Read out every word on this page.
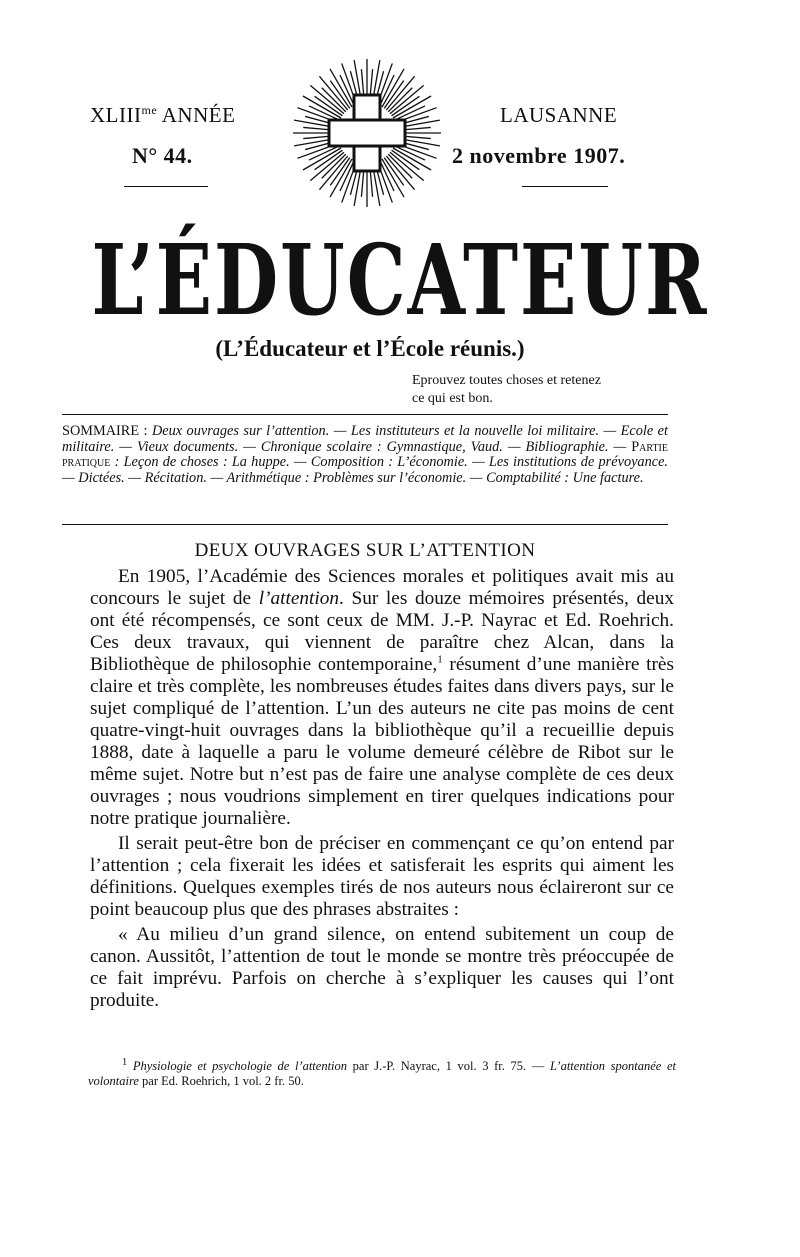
$XLIII^{me}$ ANNÉE
N° 44.
LAUSANNE
2 novembre 1907.
L’ÉDUCATEUR
(L’Éducateur et l’École réunis.)
Eprouvez toutes choses et retenez
ce qui est bon.
SOMMAIRE : Deux ouvrages sur l’attention. — Les instituteurs et la nouvelle loi militaire. — Ecole et militaire. — Vieux documents. — Chronique scolaire : Gymnastique, Vaud. — Bibliographie. — Partie pratique : Leçon de choses : La huppe. — Composition : L’économie. — Les institutions de prévoyance. — Dictées. — Récitation. — Arithmétique : Problèmes sur l’économie. — Comptabilité : Une facture.
DEUX OUVRAGES SUR L’ATTENTION

En 1905, l’Académie des Sciences morales et politiques avait mis au concours le sujet de l’attention. Sur les douze mémoires présentés, deux ont été récompensés, ce sont ceux de MM. J.-P. Nayrac et Ed. Roehrich. Ces deux travaux, qui viennent de paraître chez Alcan, dans la Bibliothèque de philosophie contemporaine,$^1$ résument d’une manière très claire et très complète, les nombreuses études faites dans divers pays, sur le sujet compliqué de l’attention. L’un des auteurs ne cite pas moins de cent quatre-vingt-huit ouvrages dans la bibliothèque qu’il a recueillie depuis 1888, date à laquelle a paru le volume demeuré célèbre de Ribot sur le même sujet. Notre but n’est pas de faire une analyse complète de ces deux ouvrages ; nous voudrions simplement en tirer quelques indications pour notre pratique journalière.

Il serait peut-être bon de préciser en commençant ce qu’on entend par l’attention ; cela fixerait les idées et satisferait les esprits qui aiment les définitions. Quelques exemples tirés de nos auteurs nous éclaireront sur ce point beaucoup plus que des phrases abstraites :

« Au milieu d’un grand silence, on entend subitement un coup de canon. Aussitôt, l’attention de tout le monde se montre très préoccupée de ce fait imprévu. Parfois on cherche à s’expliquer les causes qui l’ont produite.

$^1$ Physiologie et psychologie de l’attention par J.-P. Nayrac, 1 vol. 3 fr. 75. — L’attention spontanée et volontaire par Ed. Roehrich, 1 vol. 2 fr. 50.
